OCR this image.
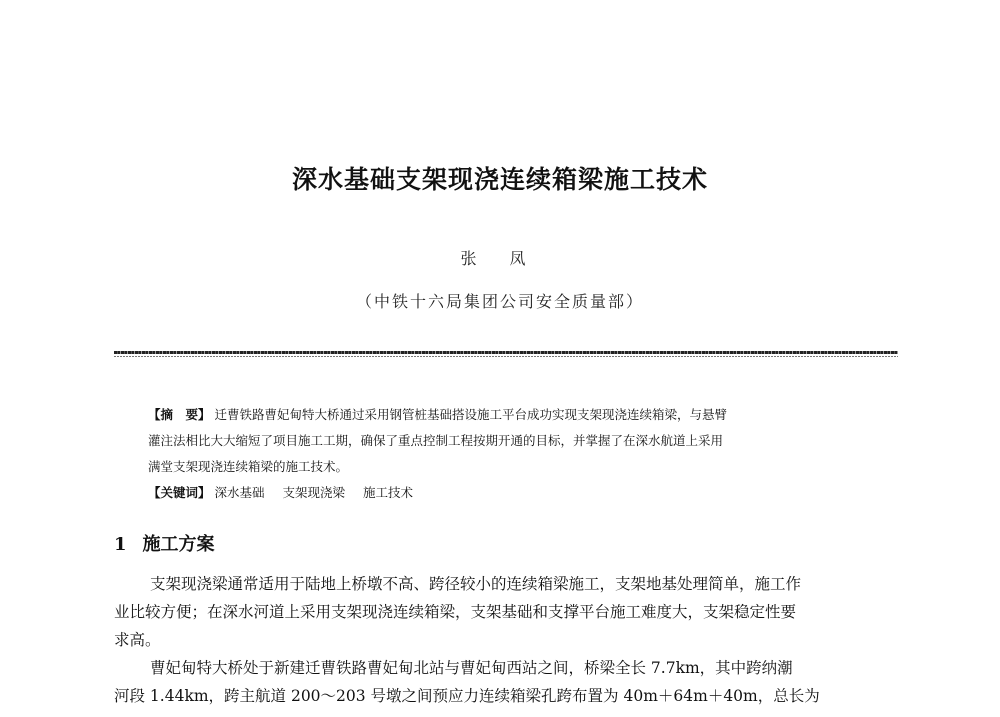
深水基础支架现浇连续箱梁施工技术
张 凤
（中铁十六局集团公司安全质量部）
【摘　要】 迁曹铁路曹妃甸特大桥通过采用钢管桩基础搭设施工平台成功实现支架现浇连续箱梁，与悬臂
灌注法相比大大缩短了项目施工工期，确保了重点控制工程按期开通的目标，并掌握了在深水航道上采用
满堂支架现浇连续箱梁的施工技术。
【关键词】 深水基础 支架现浇梁 施工技术
1 施工方案
支架现浇梁通常适用于陆地上桥墩不高、跨径较小的连续箱梁施工，支架地基处理简单，施工作
业比较方便；在深水河道上采用支架现浇连续箱梁，支架基础和支撑平台施工难度大，支架稳定性要
求高。
曹妃甸特大桥处于新建迁曹铁路曹妃甸北站与曹妃甸西站之间，桥梁全长 7.7km，其中跨纳潮
河段 1.44km，跨主航道 200～203 号墩之间预应力连续箱梁孔跨布置为 40m＋64m＋40m，总长为
